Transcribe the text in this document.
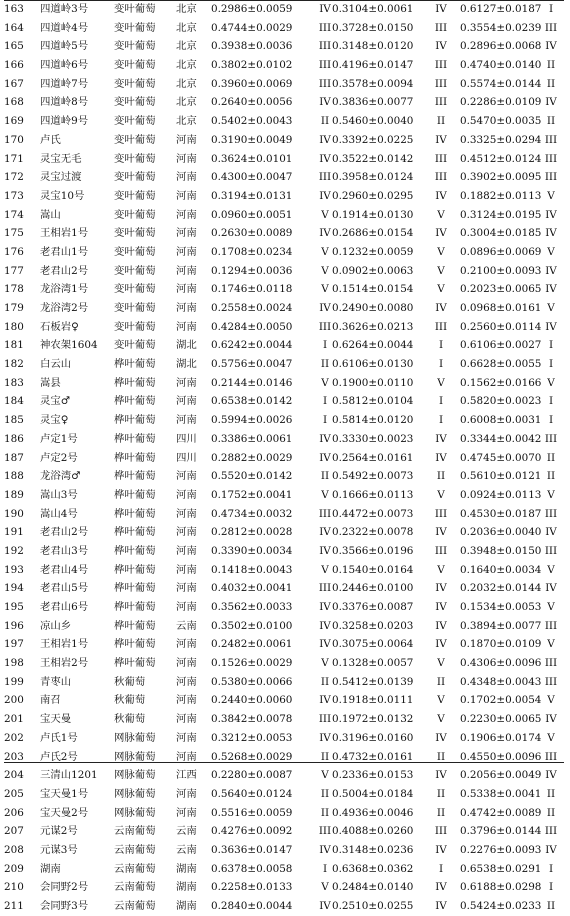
163 四道岭3号 变叶葡萄 北京 0.2986±0.0059	IV 0.3104±0.0061	IV	0.6127±0.0187 I
164 四道岭4号 变叶葡萄 北京 0.4744±0.0029	III 0.3728±0.0150	III	0.3554±0.0239 III
165 四道岭5号 变叶葡萄 北京 0.3938±0.0036	III 0.3148±0.0120	IV	0.2896±0.0068 IV
166 四道岭6号 变叶葡萄 北京 0.3802±0.0102	III 0.4196±0.0147	III	0.4740±0.0140 II
167 四道岭7号 变叶葡萄 北京 0.3960±0.0069	III 0.3578±0.0094	III	0.5574±0.0144 II
168 四道岭8号 变叶葡萄 北京 0.2640±0.0056	IV 0.3836±0.0077	III	0.2286±0.0109 IV
169 四道岭9号 变叶葡萄 北京 0.5402±0.0043	II 0.5460±0.0040	II	0.5470±0.0035 II
170 卢氏	变叶葡萄 河南 0.3190±0.0049	IV 0.3392±0.0225	IV	0.3325±0.0294 III
171 灵宝无毛	变叶葡萄 河南 0.3624±0.0101	IV 0.3522±0.0142	III	0.4512±0.0124 III
172 灵宝过渡	变叶葡萄 河南 0.4300±0.0047	III 0.3958±0.0124	III	0.3902±0.0095 III
173 灵宝10号	变叶葡萄 河南 0.3194±0.0131	IV 0.2960±0.0295	IV	0.1882±0.0113 V
174 嵩山	变叶葡萄 河南 0.0960±0.0051	V 0.1914±0.0130	V	0.3124±0.0195 IV
175 王相岩1号 变叶葡萄 河南 0.2630±0.0089	IV 0.2686±0.0154	IV	0.3004±0.0185 IV
176 老君山1号 变叶葡萄 河南 0.1708±0.0234	V 0.1232±0.0059	V	0.0896±0.0069 V
177 老君山2号 变叶葡萄 河南 0.1294±0.0036	V 0.0902±0.0063	V	0.2100±0.0093 IV
178 龙浴湾1号 变叶葡萄 河南 0.1746±0.0118	V 0.1514±0.0154	V	0.2023±0.0065 IV
179 龙浴湾2号 变叶葡萄 河南 0.2558±0.0024	IV 0.2490±0.0080	IV	0.0968±0.0161 V
180 石板岩♀	变叶葡萄 河南 0.4284±0.0050	III 0.3626±0.0213	III	0.2560±0.0114 IV
181 神农架1604 变叶葡萄 湖北 0.6242±0.0044	I 0.6264±0.0044	I	0.6106±0.0027 I
182 白云山	桦叶葡萄 湖北 0.5756±0.0047	II 0.6106±0.0130	I	0.6628±0.0055 I
183 嵩县	桦叶葡萄 河南 0.2144±0.0146	V 0.1900±0.0110	V	0.1562±0.0166 V
184 灵宝♂	桦叶葡萄 河南 0.6538±0.0142	I 0.5812±0.0104	I	0.5820±0.0023 I
185 灵宝♀	桦叶葡萄 河南 0.5994±0.0026	I 0.5814±0.0120	I	0.6008±0.0031 I
186 卢定1号	桦叶葡萄 四川 0.3386±0.0061	IV 0.3330±0.0023	IV	0.3344±0.0042 III
187 卢定2号	桦叶葡萄 四川 0.2882±0.0029	IV 0.2564±0.0161	IV	0.4745±0.0070 II
188 龙浴湾♂	桦叶葡萄 河南 0.5520±0.0142	II 0.5492±0.0073	II	0.5610±0.0121 II
189 嵩山3号	桦叶葡萄 河南 0.1752±0.0041	V 0.1666±0.0113	V	0.0924±0.0113 V
190 嵩山4号	桦叶葡萄 河南 0.4734±0.0032	III 0.4472±0.0073	III	0.4530±0.0187 III
191 老君山2号 桦叶葡萄 河南 0.2812±0.0028	IV 0.2322±0.0078	IV	0.2036±0.0040 IV
192 老君山3号 桦叶葡萄 河南 0.3390±0.0034	IV 0.3566±0.0196	III	0.3948±0.0150 III
193 老君山4号 桦叶葡萄 河南 0.1418±0.0043	V 0.1540±0.0164	V	0.1640±0.0034 V
194 老君山5号 桦叶葡萄 河南 0.4032±0.0041	III 0.2446±0.0100	IV	0.2032±0.0144 IV
195 老君山6号 桦叶葡萄 河南 0.3562±0.0033	IV 0.3376±0.0087	IV	0.1534±0.0053 V
196 凉山乡	桦叶葡萄 云南 0.3502±0.0100	IV 0.3258±0.0203	IV	0.3894±0.0077 III
197 王相岩1号 桦叶葡萄 河南 0.2482±0.0061	IV 0.3075±0.0064	IV	0.1870±0.0109 V
198 王相岩2号 桦叶葡萄 河南 0.1526±0.0029	V 0.1328±0.0057	V	0.4306±0.0096 III
199 青枣山	秋葡萄	河南 0.5380±0.0066	II 0.5412±0.0139	II	0.4348±0.0043 III
200 南召	秋葡萄	河南 0.2440±0.0060	IV 0.1918±0.0111	V	0.1702±0.0054 V
201 宝天曼	秋葡萄	河南 0.3842±0.0078	III 0.1972±0.0132	V	0.2230±0.0065 IV
202 卢氏1号	网脉葡萄 河南 0.3212±0.0053	IV 0.3196±0.0160	IV	0.1906±0.0174 V
203 卢氏2号	网脉葡萄 河南 0.5268±0.0029	II 0.4732±0.0161	II	0.4550±0.0096 III
204 三清山1201 网脉葡萄 江西 0.2280±0.0087	V 0.2336±0.0153	IV	0.2056±0.0049 IV
205 宝天曼1号 网脉葡萄 河南 0.5640±0.0124	II 0.5004±0.0184	II	0.5338±0.0041 II
206 宝天曼2号 网脉葡萄 河南 0.5516±0.0059	II 0.4936±0.0046	II	0.4742±0.0089 II
207 元谋2号	云南葡萄 云南 0.4276±0.0092	III 0.4088±0.0260	III	0.3796±0.0144 III
208 元谋3号	云南葡萄 云南 0.3636±0.0147	IV 0.3148±0.0236	IV	0.2276±0.0093 IV
209 湖南	云南葡萄 湖南 0.6378±0.0058	I 0.6368±0.0362	I	0.6538±0.0291 I
210 会同野2号 云南葡萄 湖南 0.2258±0.0133	V 0.2484±0.0140	IV	0.6188±0.0298 I
211 会同野3号 云南葡萄 湖南 0.2840±0.0044	IV 0.2510±0.0255	IV	0.5424±0.0233 II
